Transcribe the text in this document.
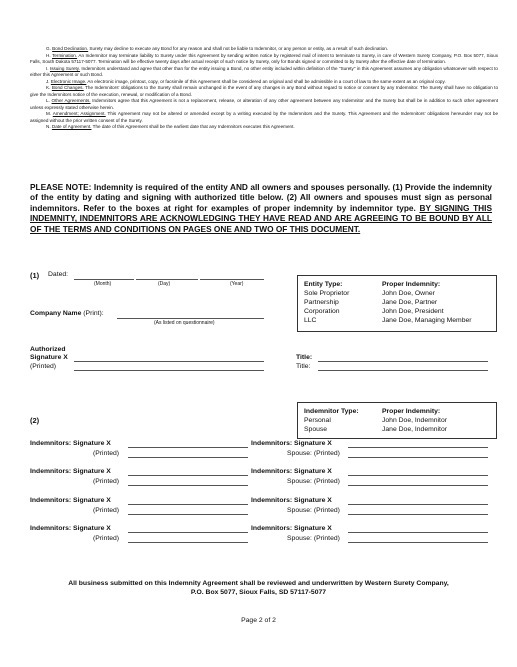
G. Bond Declination. Surety may decline to execute any Bond for any reason and shall not be liable to Indemnitor, or any person or entity, as a result of such declination.

H. Termination. An Indemnitor may terminate liability to Surety under this Agreement by sending written notice by registered mail of intent to terminate to Surety, in care of Western Surety Company, P.O. Box 5077, Sioux Falls, South Dakota 57117-5077. Termination will be effective twenty days after actual receipt of such notice by Surety, only for Bonds signed or committed to by Surety after the effective date of termination.

I. Issuing Surety. Indemnitors understand and agree that other than for the entity issuing a Bond, no other entity included within definition of the "Surety" in this Agreement assumes any obligation whatsoever with respect to either this Agreement or such Bond.

J. Electronic Image. An electronic image, printout, copy, or facsimile of this Agreement shall be considered an original and shall be admissible in a court of law to the same extent as an original copy.

K. Bond Changes. The Indemnitors' obligations to the Surety shall remain unchanged in the event of any changes in any Bond without regard to notice or consent by any Indemnitor. The Surety shall have no obligation to give the Indemnitors notice of the execution, renewal, or modification of a Bond.

L. Other Agreements. Indemnitors agree that this Agreement is not a replacement, release, or alteration of any other agreement between any Indemnitor and the Surety but shall be in addition to such other agreement unless expressly stated otherwise herein.

M. Amendment; Assignment. This Agreement may not be altered or amended except by a writing executed by the Indemnitors and the Surety. This Agreement and the Indemnitors' obligations hereunder may not be assigned without the prior written consent of the Surety.

N. Date of Agreement. The date of this Agreement shall be the earliest date that any Indemnitors executes this Agreement.

PLEASE NOTE: Indemnity is required of the entity AND all owners and spouses personally. (1) Provide the indemnity of the entity by dating and signing with authorized title below. (2) All owners and spouses must sign as personal indemnitors. Refer to the boxes at right for examples of proper indemnity by indemnitor type. BY SIGNING THIS INDEMNITY, INDEMNITORS ARE ACKNOWLEDGING THEY HAVE READ AND ARE AGREEING TO BE BOUND BY ALL OF THE TERMS AND CONDITIONS ON PAGES ONE AND TWO OF THIS DOCUMENT.
(1) Dated:
(Month)	(Day)	(Year)
Company Name (Print):
(As listed on questionnaire)
Entity Type:	Proper Indemnity:
Sole Proprietor	John Doe, Owner
Partnership	Jane Doe, Partner
Corporation	John Doe, President
LLC	Jane Doe, Managing Member
Authorized
Signature X
(Printed)
Title:
Title:
Indemnitor Type:	Proper Indemnity:
Personal	John Doe, Indemnitor
Spouse	Jane Doe, Indemnitor
(2)
Indemnitors: Signature X
(Printed)
Indemnitors: Signature X
Spouse: (Printed)
Indemnitors: Signature X
(Printed)
Indemnitors: Signature X
Spouse: (Printed)
Indemnitors: Signature X
(Printed)
Indemnitors: Signature X
Spouse: (Printed)
Indemnitors: Signature X
(Printed)
Indemnitors: Signature X
Spouse: (Printed)
All business submitted on this Indemnity Agreement shall be reviewed and underwritten by Western Surety Company,
P.O. Box 5077, Sioux Falls, SD 57117-5077
Page 2 of 2
